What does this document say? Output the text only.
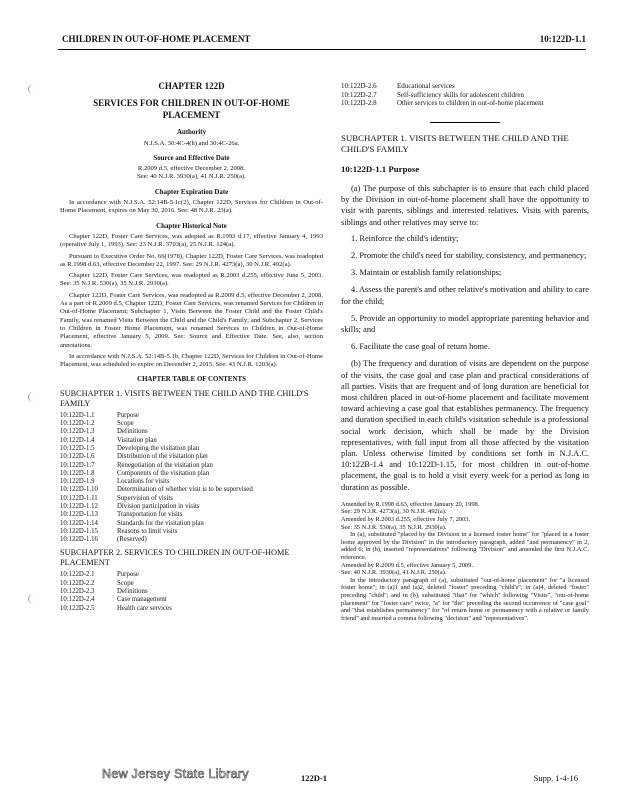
CHILDREN IN OUT-OF-HOME PLACEMENT	10:122D-1.1
CHAPTER 122D
SERVICES FOR CHILDREN IN OUT-OF-HOME PLACEMENT
Authority
N.J.S.A. 30:4C-4(h) and 30:4C-26a.
Source and Effective Date
R.2009 d.5, effective December 2, 2008.
See: 40 N.J.R. 3930(a), 41 N.J.R. 250(a).
Chapter Expiration Date
In accordance with N.J.S.A. 52:14B-5.1c(2), Chapter 122D, Services for Children in Out-of-Home Placement, expires on May 30, 2016. See: 48 N.J.R. 23(a).
Chapter Historical Note
Chapter 122D, Foster Care Services, was adopted as R.1993 d.17, effective January 4, 1993 (operative July 1, 1993). See: 23 N.J.R. 3703(a), 25 N.J.R. 124(a).
Pursuant to Executive Order No. 66(1978), Chapter 122D, Foster Care Services, was readopted as R.1998 d.63, effective December 22, 1997. See: 29 N.J.R. 4273(a), 30 N.J.R. 492(a).
Chapter 122D, Foster Care Services, was readopted as R.2003 d.255, effective June 5, 2003. See: 35 N.J.R. 530(a), 35 N.J.R. 2930(a).
Chapter 122D, Foster Care Services, was readopted as R.2009 d.5, effective December 2, 2008. As a part of R.2009 d.5, Chapter 122D, Foster Care Services, was renamed Services for Children in Out-of-Home Placement; Subchapter 1, Visits Between the Foster Child and the Foster Child's Family, was renamed Visits Between the Child and the Child's Family; and Subchapter 2, Services to Children in Foster Home Placement, was renamed Services to Children in Out-of-Home Placement, effective January 5, 2009. See: Source and Effective Date. See, also, section annotations.
In accordance with N.J.S.A. 52:14B-5.1b, Chapter 122D, Services for Children in Out-of-Home Placement, was scheduled to expire on December 2, 2015. See: 43 N.J.R. 1203(a).
CHAPTER TABLE OF CONTENTS
SUBCHAPTER 1. VISITS BETWEEN THE CHILD AND THE CHILD'S FAMILY
10:122D-1.1	Purpose
10:122D-1.2	Scope
10:122D-1.3	Definitions
10:122D-1.4	Visitation plan
10:122D-1.5	Developing the visitation plan
10:122D-1.6	Distribution of the visitation plan
10:122D-1.7	Renegotiation of the visitation plan
10:122D-1.8	Components of the visitation plan
10:122D-1.9	Locations for visits
10:122D-1.10	Determination of whether visit is to be supervised
10:122D-1.11	Supervision of visits
10:122D-1.12	Division participation in visits
10:122D-1.13	Transportation for visits
10:122D-1.14	Standards for the visitation plan
10:122D-1.15	Reasons to limit visits
10:122D-1.16	(Reserved)
SUBCHAPTER 2. SERVICES TO CHILDREN IN OUT-OF-HOME PLACEMENT
10:122D-2.1	Purpose
10:122D-2.2	Scope
10:122D-2.3	Definitions
10:122D-2.4	Case management
10:122D-2.5	Health care services
10:122D-2.6	Educational services
10:122D-2.7	Self-sufficiency skills for adolescent children
10:122D-2.8	Other services to children in out-of-home placement
SUBCHAPTER 1. VISITS BETWEEN THE CHILD AND THE CHILD'S FAMILY
10:122D-1.1 Purpose
(a) The purpose of this subchapter is to ensure that each child placed by the Division in out-of-home placement shall have the opportunity to visit with parents, siblings and interested relatives. Visits with parents, siblings and other relatives may serve to:
1. Reinforce the child's identity;
2. Promote the child's need for stability, consistency, and permanency;
3. Maintain or establish family relationships;
4. Assess the parent's and other relative's motivation and ability to care for the child;
5. Provide an opportunity to model appropriate parenting behavior and skills; and
6. Facilitate the case goal of return home.
(b) The frequency and duration of visits are dependent on the purpose of the visits, the case goal and case plan and practical considerations of all parties. Visits that are frequent and of long duration are beneficial for most children placed in out-of-home placement and facilitate movement toward achieving a case goal that establishes permanency. The frequency and duration specified in each child's visitation schedule is a professional social work decision, which shall be made by the Division representatives, with full input from all those affected by the visitation plan. Unless otherwise limited by conditions set forth in N.J.A.C. 10:122B-1.4 and 10:122D-1.15, for most children in out-of-home placement, the goal is to hold a visit every week for a period as long in duration as possible.
Amended by R.1998 d.63, effective January 20, 1998.
See: 29 N.J.R. 4273(a), 30 N.J.R. 492(a).
Amended by R.2003 d.255, effective July 7, 2003.
See: 35 N.J.R. 530(a), 35 N.J.R. 2930(a).
In (a), substituted "placed by the Division in a licensed foster home" for "placed in a foster home approved by the Division" in the introductory paragraph, added "and permanency" in 2, added 6; in (b), inserted "representatives" following "Division" and amended the first N.J.A.C. reference.
Amended by R.2009 d.5, effective January 5, 2009.
See: 40 N.J.R. 3930(a), 41 N.J.R. 250(a).
In the introductory paragraph of (a), substituted "out-of-home placement" for "a licensed foster home"; in (a)1 and (a)2, deleted "foster" preceding "child's"; in (a)4, deleted "foster" preceding "child"; and in (b), substituted "that" for "which" following "Visits", "out-of-home placement" for "foster care" twice, "a" for "the" preceding the second occurrence of "case goal" and "that establishes permanency" for "of return home or permanency with a relative or family friend" and inserted a comma following "decision" and "representatives".
New Jersey State Library	122D-1	Supp. 1-4-16
